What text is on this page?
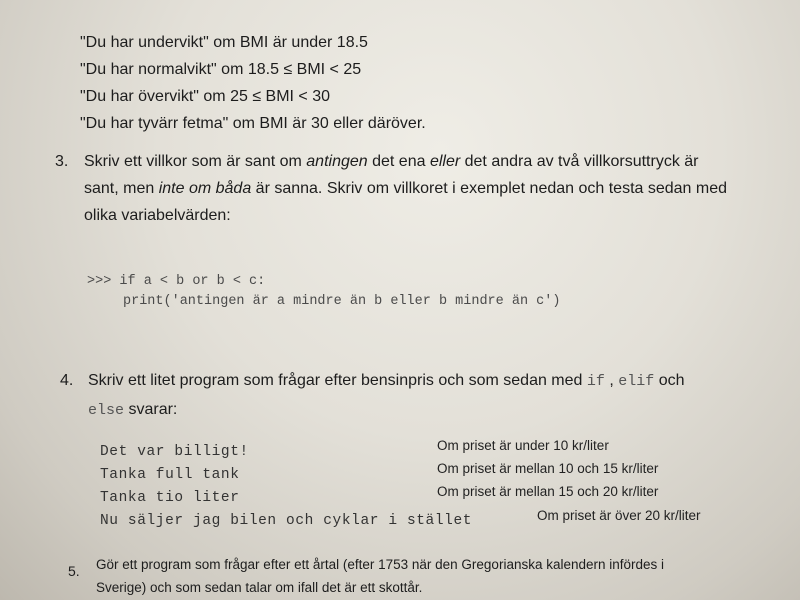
"Du har undervikt" om BMI är under 18.5
"Du har normalvikt" om 18.5 ≤ BMI < 25
"Du har övervikt" om 25 ≤ BMI < 30
"Du har tyvärr fetma" om BMI är 30 eller däröver.
3. Skriv ett villkor som är sant om antingen det ena eller det andra av två villkorsuttryck är
sant, men inte om båda är sanna. Skriv om villkoret i exemplet nedan och testa sedan med
olika variabelvärden:
>>> if a < b or b < c:
print('antingen är a mindre än b eller b mindre än c')
4. Skriv ett litet program som frågar efter bensinpris och som sedan med if , elif och
else svarar:
Det var billigt!	Om priset är under 10 kr/liter
Tanka full tank	Om priset är mellan 10 och 15 kr/liter
Tanka tio liter	Om priset är mellan 15 och 20 kr/liter
Nu säljer jag bilen och cyklar i stället	Om priset är över 20 kr/liter
5. Gör ett program som frågar efter ett årtal (efter 1753 när den Gregorianska kalendern infördes i
Sverige) och som sedan talar om ifall det är ett skottår.
